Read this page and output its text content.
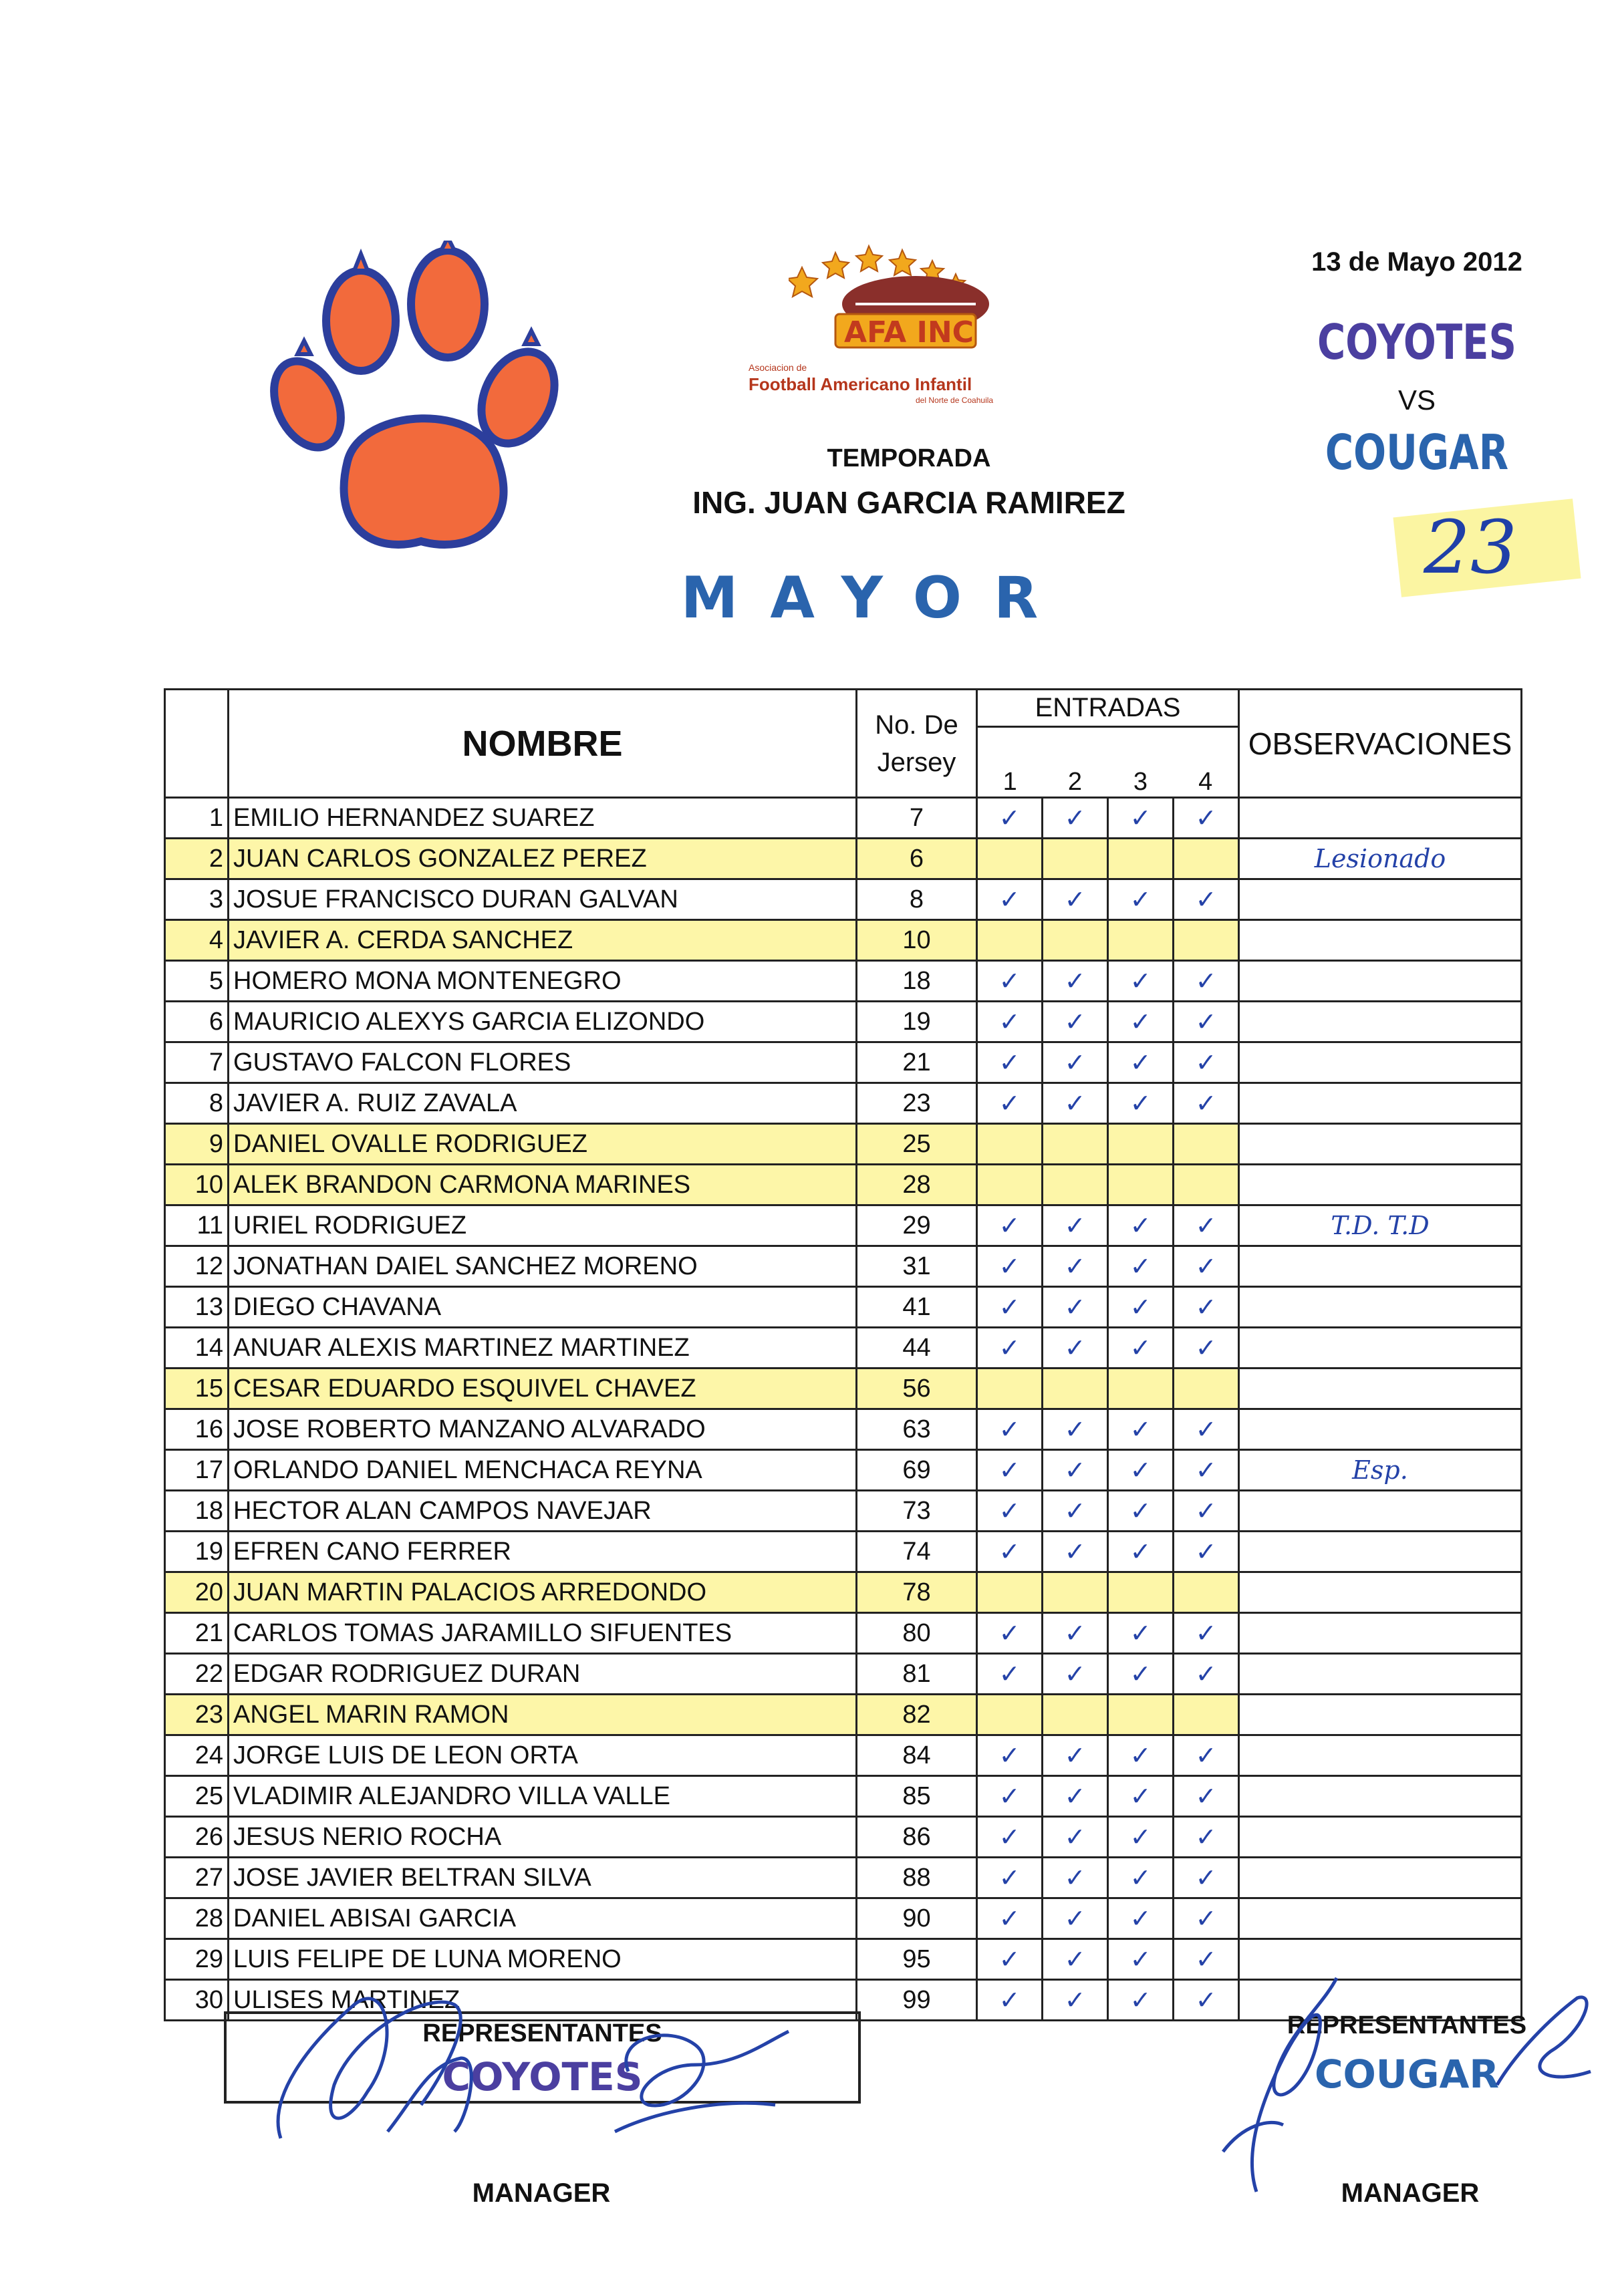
AFA INC
Asociacion de
Football Americano Infantil
del Norte de Coahuila
TEMPORADA
ING. JUAN GARCIA RAMIREZ
MAYOR
13 de Mayo 2012
COYOTES
VS
COUGAR
23
	NOMBRE	No. De Jersey	ENTRADAS				OBSERVACIONES

			1	2	3	4	
1	EMILIO HERNANDEZ SUAREZ	7	✓	✓	✓	✓	
2	JUAN CARLOS GONZALEZ PEREZ	6					Lesionado
3	JOSUE FRANCISCO DURAN GALVAN	8	✓	✓	✓	✓	
4	JAVIER A. CERDA SANCHEZ	10					
5	HOMERO MONA MONTENEGRO	18	✓	✓	✓	✓	
6	MAURICIO ALEXYS GARCIA ELIZONDO	19	✓	✓	✓	✓	
7	GUSTAVO FALCON FLORES	21	✓	✓	✓	✓	
8	JAVIER A. RUIZ ZAVALA	23	✓	✓	✓	✓	
9	DANIEL OVALLE RODRIGUEZ	25					
10	ALEK BRANDON CARMONA MARINES	28					
11	URIEL RODRIGUEZ	29	✓	✓	✓	✓	T.D. T.D
12	JONATHAN DAIEL SANCHEZ MORENO	31	✓	✓	✓	✓	
13	DIEGO CHAVANA	41	✓	✓	✓	✓	
14	ANUAR ALEXIS MARTINEZ MARTINEZ	44	✓	✓	✓	✓	
15	CESAR EDUARDO ESQUIVEL CHAVEZ	56					
16	JOSE ROBERTO MANZANO ALVARADO	63	✓	✓	✓	✓	
17	ORLANDO DANIEL MENCHACA REYNA	69	✓	✓	✓	✓	Esp.
18	HECTOR ALAN CAMPOS NAVEJAR	73	✓	✓	✓	✓	
19	EFREN CANO FERRER	74	✓	✓	✓	✓	
20	JUAN MARTIN PALACIOS ARREDONDO	78					
21	CARLOS TOMAS JARAMILLO SIFUENTES	80	✓	✓	✓	✓	
22	EDGAR RODRIGUEZ DURAN	81	✓	✓	✓	✓	
23	ANGEL MARIN RAMON	82					
24	JORGE LUIS DE LEON ORTA	84	✓	✓	✓	✓	
25	VLADIMIR ALEJANDRO VILLA VALLE	85	✓	✓	✓	✓	
26	JESUS NERIO ROCHA	86	✓	✓	✓	✓	
27	JOSE JAVIER BELTRAN SILVA	88	✓	✓	✓	✓	
28	DANIEL ABISAI GARCIA	90	✓	✓	✓	✓	
29	LUIS FELIPE DE LUNA MORENO	95	✓	✓	✓	✓	
30	ULISES MARTINEZ	99	✓	✓	✓	✓	
REPRESENTANTES
COYOTES
REPRESENTANTES
COUGAR
MANAGER	MANAGER
